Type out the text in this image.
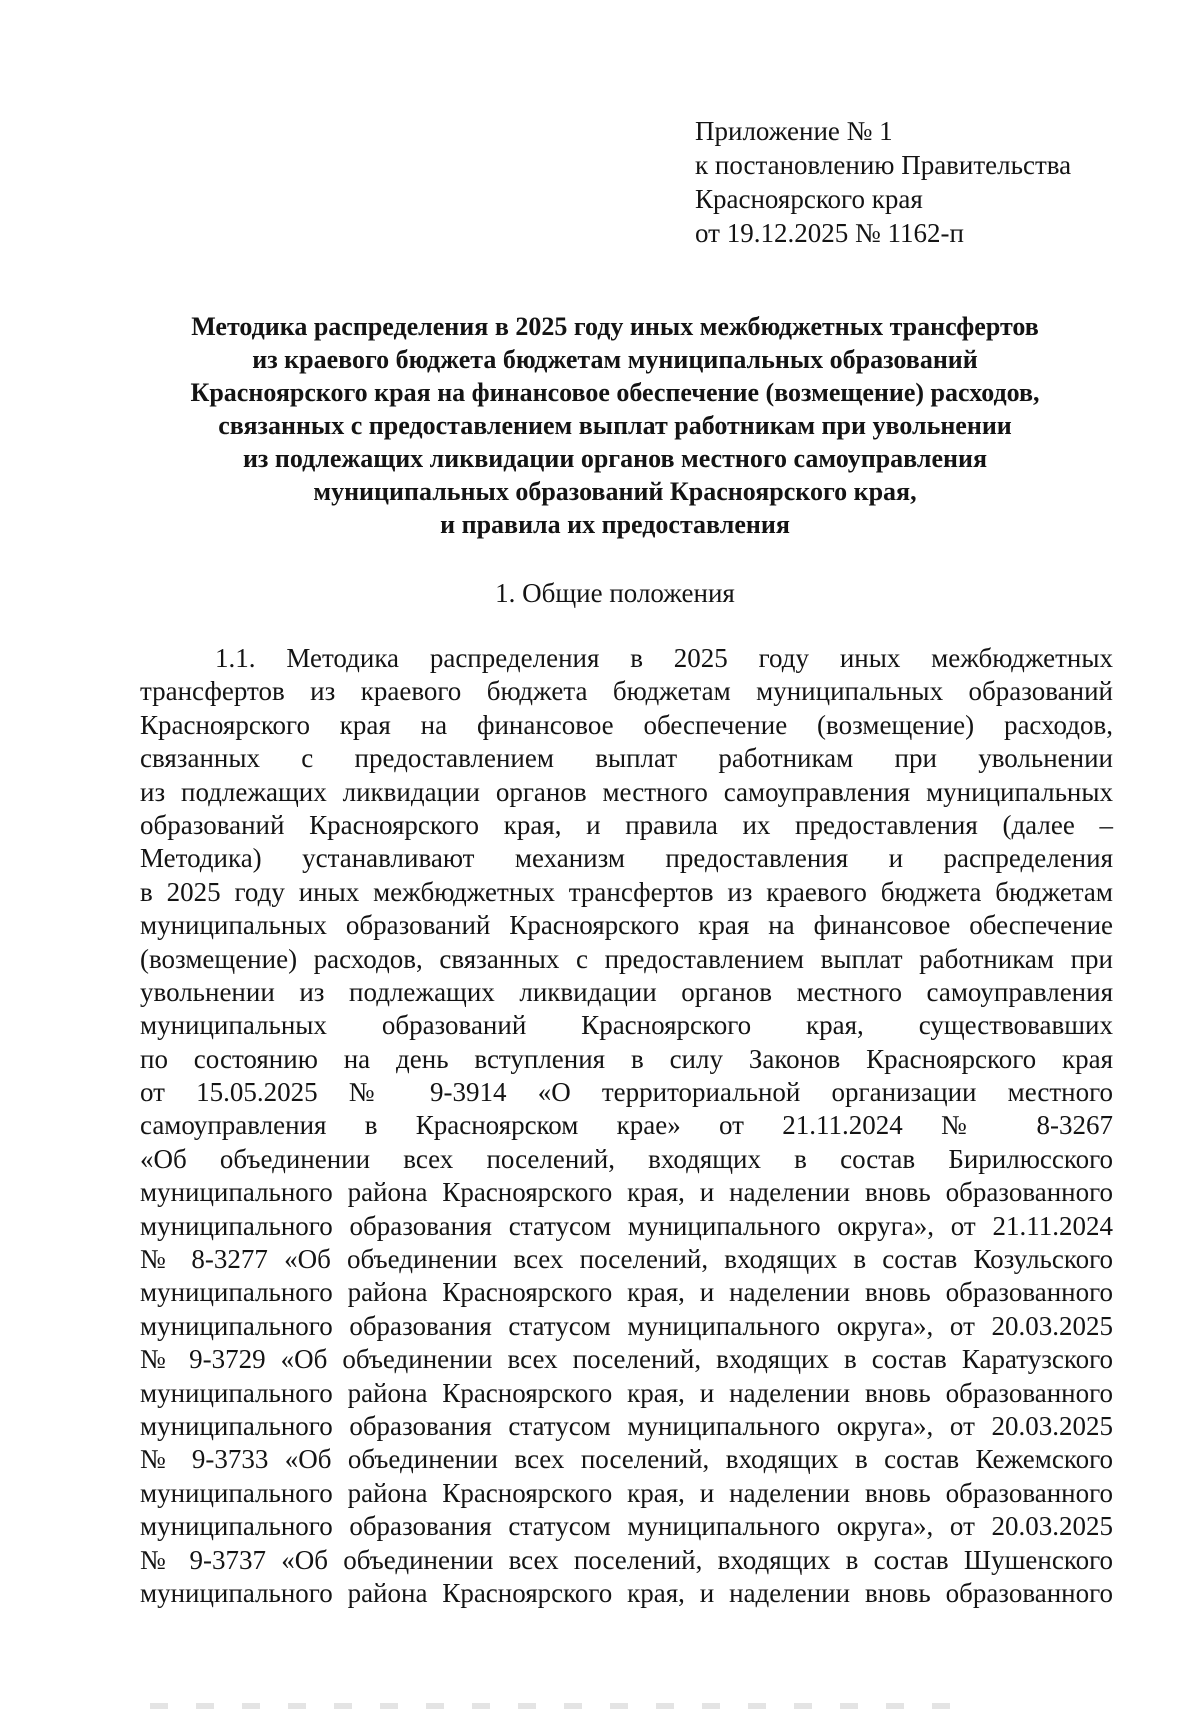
Приложение № 1
к постановлению Правительства
Красноярского края
от 19.12.2025 № 1162-п
Методика распределения в 2025 году иных межбюджетных трансфертов
из краевого бюджета бюджетам муниципальных образований
Красноярского края на финансовое обеспечение (возмещение) расходов,
связанных с предоставлением выплат работникам при увольнении
из подлежащих ликвидации органов местного самоуправления
муниципальных образований Красноярского края,
и правила их предоставления
1. Общие положения
1.1. Методика распределения в 2025 году иных межбюджетных
трансфертов из краевого бюджета бюджетам муниципальных образований
Красноярского края на финансовое обеспечение (возмещение) расходов,
связанных с предоставлением выплат работникам при увольнении
из подлежащих ликвидации органов местного самоуправления муниципальных
образований Красноярского края, и правила их предоставления (далее –
Методика) устанавливают механизм предоставления и распределения
в 2025 году иных межбюджетных трансфертов из краевого бюджета бюджетам
муниципальных образований Красноярского края на финансовое обеспечение
(возмещение) расходов, связанных с предоставлением выплат работникам при
увольнении из подлежащих ликвидации органов местного самоуправления
муниципальных образований Красноярского края, существовавших
по состоянию на день вступления в силу Законов Красноярского края
от 15.05.2025 № 9-3914 «О территориальной организации местного
самоуправления в Красноярском крае» от 21.11.2024 № 8-3267
«Об объединении всех поселений, входящих в состав Бирилюсского
муниципального района Красноярского края, и наделении вновь образованного
муниципального образования статусом муниципального округа», от 21.11.2024
№ 8-3277 «Об объединении всех поселений, входящих в состав Козульского
муниципального района Красноярского края, и наделении вновь образованного
муниципального образования статусом муниципального округа», от 20.03.2025
№ 9-3729 «Об объединении всех поселений, входящих в состав Каратузского
муниципального района Красноярского края, и наделении вновь образованного
муниципального образования статусом муниципального округа», от 20.03.2025
№ 9-3733 «Об объединении всех поселений, входящих в состав Кежемского
муниципального района Красноярского края, и наделении вновь образованного
муниципального образования статусом муниципального округа», от 20.03.2025
№ 9-3737 «Об объединении всех поселений, входящих в состав Шушенского
муниципального района Красноярского края, и наделении вновь образованного
